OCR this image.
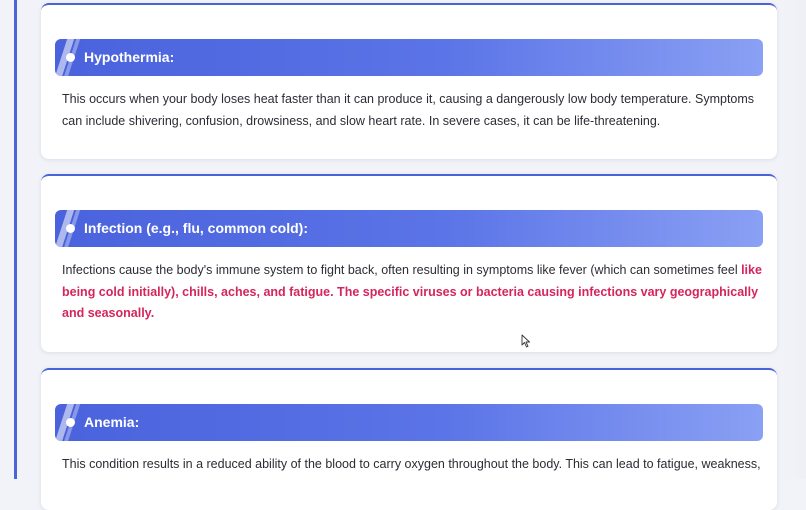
Hypothermia:
This occurs when your body loses heat faster than it can produce it, causing a dangerously low body temperature. Symptoms can include shivering, confusion, drowsiness, and slow heart rate. In severe cases, it can be life-threatening.
Infection (e.g., flu, common cold):
Infections cause the body's immune system to fight back, often resulting in symptoms like fever (which can sometimes feel like being cold initially), chills, aches, and fatigue. The specific viruses or bacteria causing infections vary geographically and seasonally.
Anemia:
This condition results in a reduced ability of the blood to carry oxygen throughout the body. This can lead to fatigue, weakness,
